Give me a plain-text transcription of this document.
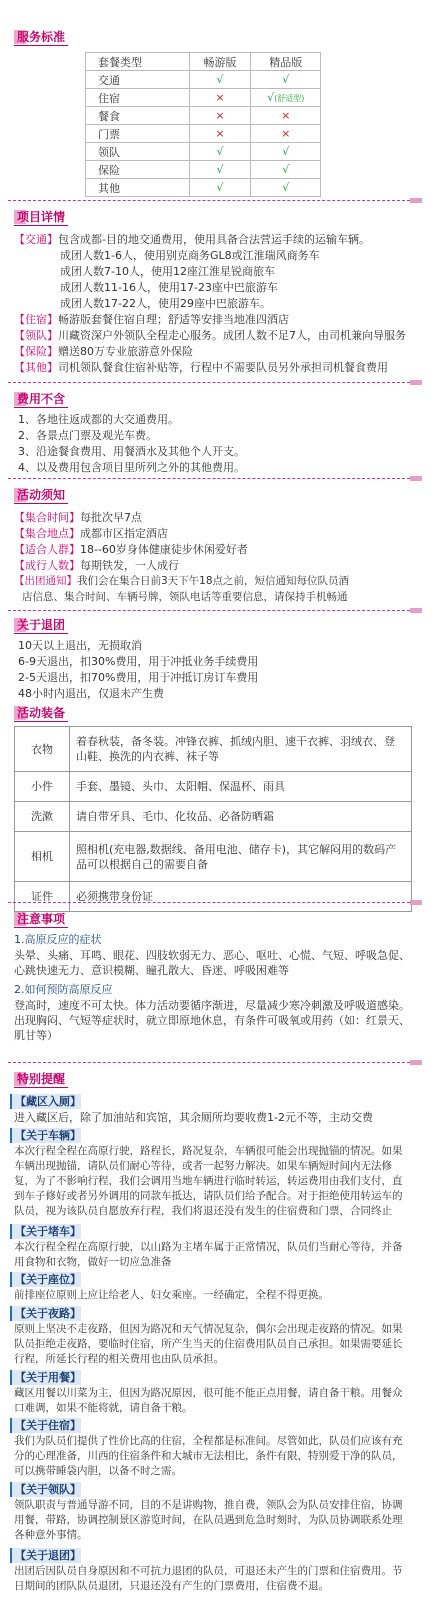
服务标准
套餐类型	畅游版	精品版
交通	√	√
住宿	×	√(舒适型)
餐食	×	×
门票	×	×
领队	√	√
保险	√	√
其他	√	√
项目详情
【交通】包含成都-目的地交通费用，使用具备合法营运手续的运输车辆。
成团人数1-6人，使用别克商务GL8或江淮瑞风商务车
成团人数7-10人，使用12座江淮星锐商旅车
成团人数11-16人，使用17-23座中巴旅游车
成团人数17-22人，使用29座中巴旅游车。
【住宿】畅游版套餐住宿自理；舒适等安排当地准四酒店
【领队】川藏资深户外领队全程走心服务。成团人数不足7人，由司机兼向导服务
【保险】赠送80万专业旅游意外保险
【其他】司机领队餐食住宿补贴等，行程中不需要队员另外承担司机餐食费用
费用不含
1、各地往返成都的大交通费用。
2、各景点门票及观光车费。
3、沿途餐食费用、用餐酒水及其他个人开支。
4、以及费用包含项目里所列之外的其他费用。
活动须知
【集合时间】每批次早7点
【集合地点】成都市区指定酒店
【适合人群】18--60岁身体健康徒步休闲爱好者
【成行人数】每期铁发，一人成行
【出团通知】我们会在集合日前3天下午18点之前，短信通知每位队员酒
店信息、集合时间、车辆号牌，领队电话等重要信息，请保持手机畅通
关于退团
10天以上退出，无损取消
6-9天退出，扣30%费用，用于冲抵业务手续费用
2-5天退出，扣70%费用，用于冲抵订房订车费用
48小时内退出，仅退未产生费
活动装备
衣物	着春秋装，备冬装。冲锋衣裤、抓绒内胆、速干衣裤、羽绒衣、登山鞋、换洗的内衣裤、袜子等
小件	手套、墨镜、头巾、太阳帽、保温杯、雨具
洗漱	请自带牙具、毛巾、化妆品、必备防晒霜
相机	照相机(充电器,数据线、备用电池、储存卡)，其它解闷用的数码产品可以根据自己的需要自备
证件	必须携带身份证
注意事项
1.高原反应的症状
头晕、头痛、耳鸣、眼花、四肢软弱无力、恶心、呕吐、心慌、气短、呼吸急促、心跳快速无力、意识模糊、瞳孔散大、昏迷、呼吸困难等
2.如何预防高原反应
登高时，速度不可太快。体力活动要循序渐进，尽量减少寒冷刺激及呼吸道感染。出现胸闷、气短等症状时，就立即原地休息，有条件可吸氧或用药（如：红景天、肌甘等）
特别提醒
【藏区入厕】
进入藏区后，除了加油站和宾馆，其余厕所均要收费1-2元不等，主动交费
【关于车辆】
本次行程全程在高原行驶，路程长，路况复杂，车辆很可能会出现抛锚的情况。如果车辆出现抛锚，请队员们耐心等待，或者一起努力解决。如果车辆短时间内无法修复，为了不影响行程，我们会调用当地车辆进行临时转运，转运费用由我们支付，直到车子修好或者另外调用的同款车抵达，请队员们给予配合。对于拒绝使用转运车的队员，视为该队员自愿放弃行程，我们将退还没有发生的住宿费和门票，合同终止
【关于堵车】
本次行程全程在高原行驶，以山路为主堵车属于正常情况，队员们当耐心等待，并备用食物和衣物，做好一切应急准备
【关于座位】
前排座位原则上应让给老人、妇女乘座。一经确定，全程不得更换。
【关于夜路】
原则上坚决不走夜路，但因为路况和天气情况复杂，偶尔会出现走夜路的情况。如果队员拒绝走夜路，要临时住宿，所产生当天的住宿费用队员自己承担。如果需要延长行程，所延长行程的相关费用也由队员承担。
【关于用餐】
藏区用餐以川菜为主，但因为路况原因，很可能不能正点用餐，请自备干粮。用餐众口难调，如果不能将就，请自备干粮。
【关于住宿】
我们为队员们提供了性价比高的住宿，全程都是标准间。尽管如此，队员们应该有充分的心理准备，川西的住宿条件和大城市无法相比，条件有限，特别爱干净的队员，可以携带睡袋内胆，以备不时之需。
【关于领队】
领队职责与普通导游不同，目的不是讲购物，推自费，领队会为队员安排住宿，协调用餐，带路，协调控制景区游览时间，在队员遇到危急时刻时，为队员协调联系处理各种意外事情。
【关于退团】
出团后因队员自身原因和不可抗力退团的队员，可退还未产生的门票和住宿费用。节日期间的团队队员退团，只退还没有产生的门票费用，住宿费不退。
